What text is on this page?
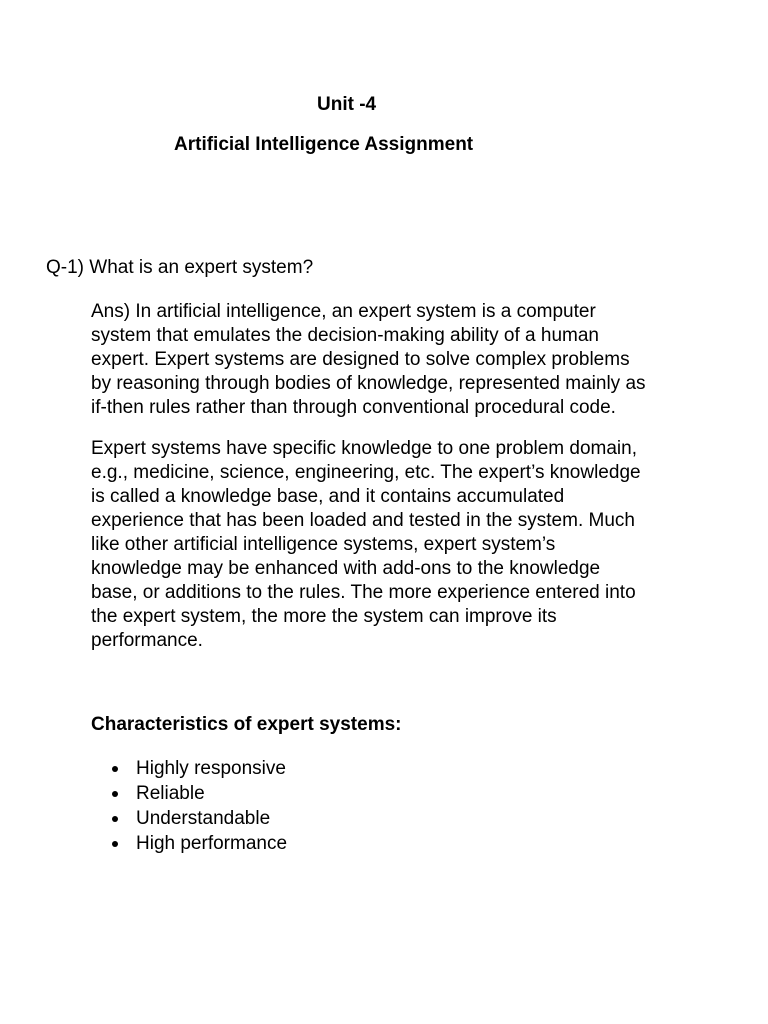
Unit -4
Artificial Intelligence Assignment
Q-1) What is an expert system?

Ans) In artificial intelligence, an expert system is a computer
system that emulates the decision-making ability of a human
expert. Expert systems are designed to solve complex problems
by reasoning through bodies of knowledge, represented mainly as
if-then rules rather than through conventional procedural code.

Expert systems have specific knowledge to one problem domain,
e.g., medicine, science, engineering, etc. The expert’s knowledge
is called a knowledge base, and it contains accumulated
experience that has been loaded and tested in the system. Much
like other artificial intelligence systems, expert system’s
knowledge may be enhanced with add-ons to the knowledge
base, or additions to the rules. The more experience entered into
the expert system, the more the system can improve its
performance.

Characteristics of expert systems:
Highly responsive
Reliable
Understandable
High performance
